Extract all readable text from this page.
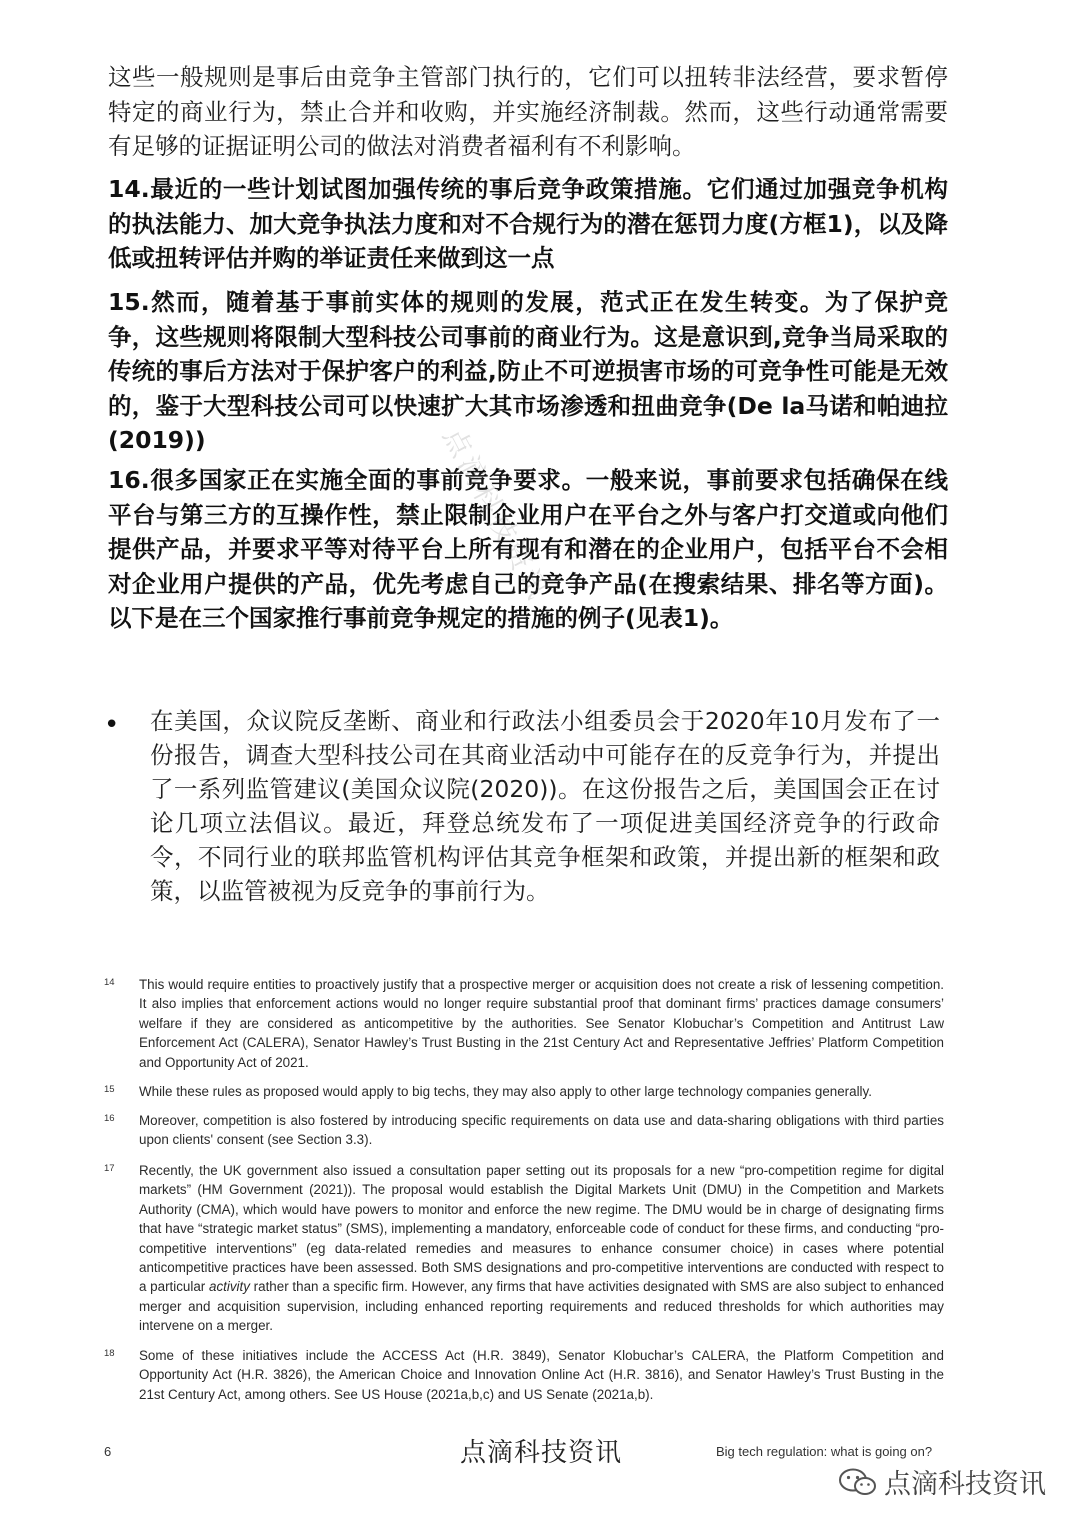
这些一般规则是事后由竞争主管部门执行的，它们可以扭转非法经营，要求暂停特定的商业行为，禁止合并和收购，并实施经济制裁。然而，这些行动通常需要有足够的证据证明公司的做法对消费者福利有不利影响。

14.最近的一些计划试图加强传统的事后竞争政策措施。它们通过加强竞争机构的执法能力、加大竞争执法力度和对不合规行为的潜在惩罚力度(方框1)，以及降低或扭转评估并购的举证责任来做到这一点

15.然而，随着基于事前实体的规则的发展，范式正在发生转变。为了保护竞争，这些规则将限制大型科技公司事前的商业行为。这是意识到,竞争当局采取的传统的事后方法对于保护客户的利益,防止不可逆损害市场的可竞争性可能是无效的，鉴于大型科技公司可以快速扩大其市场渗透和扭曲竞争(De la马诺和帕迪拉(2019))

16.很多国家正在实施全面的事前竞争要求。一般来说，事前要求包括确保在线平台与第三方的互操作性，禁止限制企业用户在平台之外与客户打交道或向他们提供产品，并要求平等对待平台上所有现有和潜在的企业用户，包括平台不会相对企业用户提供的产品，优先考虑自己的竞争产品(在搜索结果、排名等方面)。以下是在三个国家推行事前竞争规定的措施的例子(见表1)。

点滴科技资讯
• 在美国，众议院反垄断、商业和行政法小组委员会于2020年10月发布了一份报告，调查大型科技公司在其商业活动中可能存在的反竞争行为，并提出了一系列监管建议(美国众议院(2020))。在这份报告之后，美国国会正在讨论几项立法倡议。最近，拜登总统发布了一项促进美国经济竞争的行政命令，不同行业的联邦监管机构评估其竞争框架和政策，并提出新的框架和政策，以监管被视为反竞争的事前行为。

14 This would require entities to proactively justify that a prospective merger or acquisition does not create a risk of lessening competition. It also implies that enforcement actions would no longer require substantial proof that dominant firms’ practices damage consumers’ welfare if they are considered as anticompetitive by the authorities. See Senator Klobuchar’s Competition and Antitrust Law Enforcement Act (CALERA), Senator Hawley’s Trust Busting in the 21st Century Act and Representative Jeffries’ Platform Competition and Opportunity Act of 2021.
15 While these rules as proposed would apply to big techs, they may also apply to other large technology companies generally.
16 Moreover, competition is also fostered by introducing specific requirements on data use and data-sharing obligations with third parties upon clients' consent (see Section 3.3).
17 Recently, the UK government also issued a consultation paper setting out its proposals for a new “pro-competition regime for digital markets” (HM Government (2021)). The proposal would establish the Digital Markets Unit (DMU) in the Competition and Markets Authority (CMA), which would have powers to monitor and enforce the new regime. The DMU would be in charge of designating firms that have “strategic market status” (SMS), implementing a mandatory, enforceable code of conduct for these firms, and conducting “pro-competitive interventions” (eg data-related remedies and measures to enhance consumer choice) in cases where potential anticompetitive practices have been assessed. Both SMS designations and pro-competitive interventions are conducted with respect to a particular activity rather than a specific firm. However, any firms that have activities designated with SMS are also subject to enhanced merger and acquisition supervision, including enhanced reporting requirements and reduced thresholds for which authorities may intervene on a merger.
18 Some of these initiatives include the ACCESS Act (H.R. 3849), Senator Klobuchar’s CALERA, the Platform Competition and Opportunity Act (H.R. 3826), the American Choice and Innovation Online Act (H.R. 3816), and Senator Hawley’s Trust Busting in the 21st Century Act, among others. See US House (2021a,b,c) and US Senate (2021a,b).
6	点滴科技资讯	Big tech regulation: what is going on?
点滴科技资讯
